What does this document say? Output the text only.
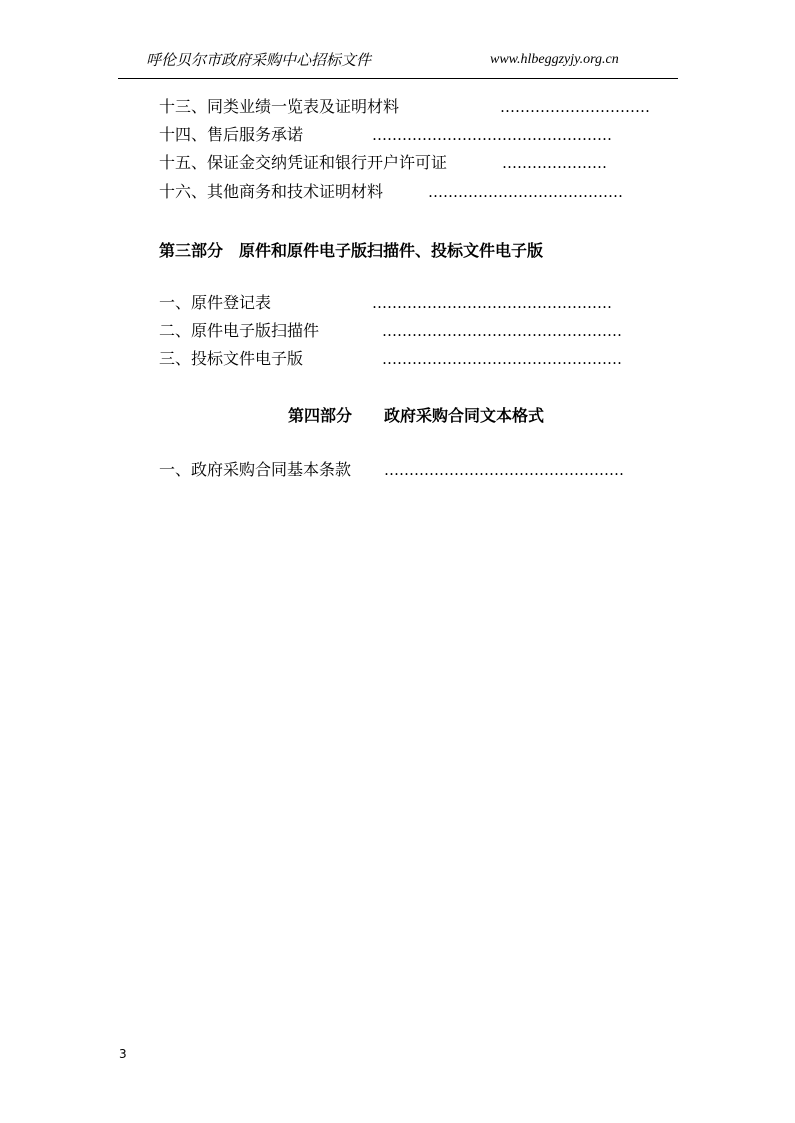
呼伦贝尔市政府采购中心招标文件	www.hlbeggzyjy.org.cn
十三、同类业绩一览表及证明材料	…………………………
十四、售后服务承诺	…………………………………………
十五、保证金交纳凭证和银行开户许可证	…………………
十六、其他商务和技术证明材料	…………………………………
第三部分　原件和原件电子版扫描件、投标文件电子版
一、原件登记表	…………………………………………
二、原件电子版扫描件	…………………………………………
三、投标文件电子版	…………………………………………
第四部分　　政府采购合同文本格式
一、政府采购合同基本条款 …………………………………………
3
